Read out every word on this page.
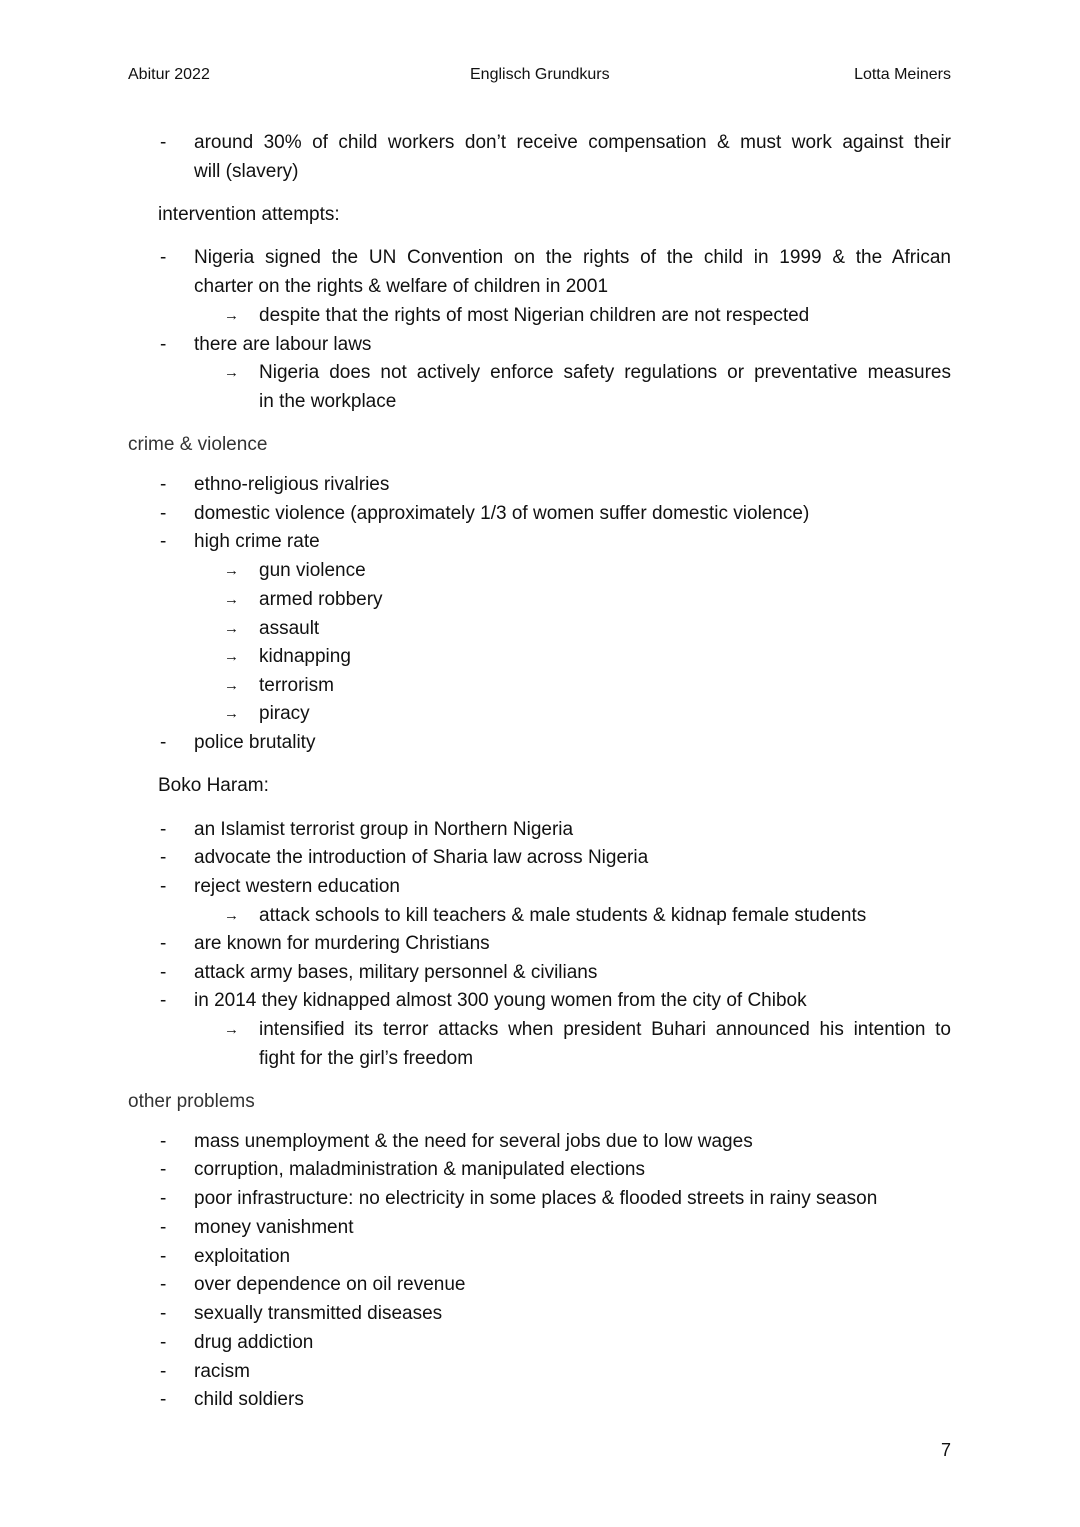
Abitur 2022	Englisch Grundkurs	Lotta Meiners
- around 30% of child workers don’t receive compensation & must work against their
will (slavery)
intervention attempts:
- Nigeria signed the UN Convention on the rights of the child in 1999 & the African
charter on the rights & welfare of children in 2001
→ despite that the rights of most Nigerian children are not respected
- there are labour laws
→ Nigeria does not actively enforce safety regulations or preventative measures
in the workplace
crime & violence
- ethno-religious rivalries
- domestic violence (approximately 1/3 of women suffer domestic violence)
- high crime rate
→ gun violence
→ armed robbery
→ assault
→ kidnapping
→ terrorism
→ piracy
- police brutality
Boko Haram:
- an Islamist terrorist group in Northern Nigeria
- advocate the introduction of Sharia law across Nigeria
- reject western education
→ attack schools to kill teachers & male students & kidnap female students
- are known for murdering Christians
- attack army bases, military personnel & civilians
- in 2014 they kidnapped almost 300 young women from the city of Chibok
→ intensified its terror attacks when president Buhari announced his intention to
fight for the girl’s freedom
other problems
- mass unemployment & the need for several jobs due to low wages
- corruption, maladministration & manipulated elections
- poor infrastructure: no electricity in some places & flooded streets in rainy season
- money vanishment
- exploitation
- over dependence on oil revenue
- sexually transmitted diseases
- drug addiction
- racism
- child soldiers
7
